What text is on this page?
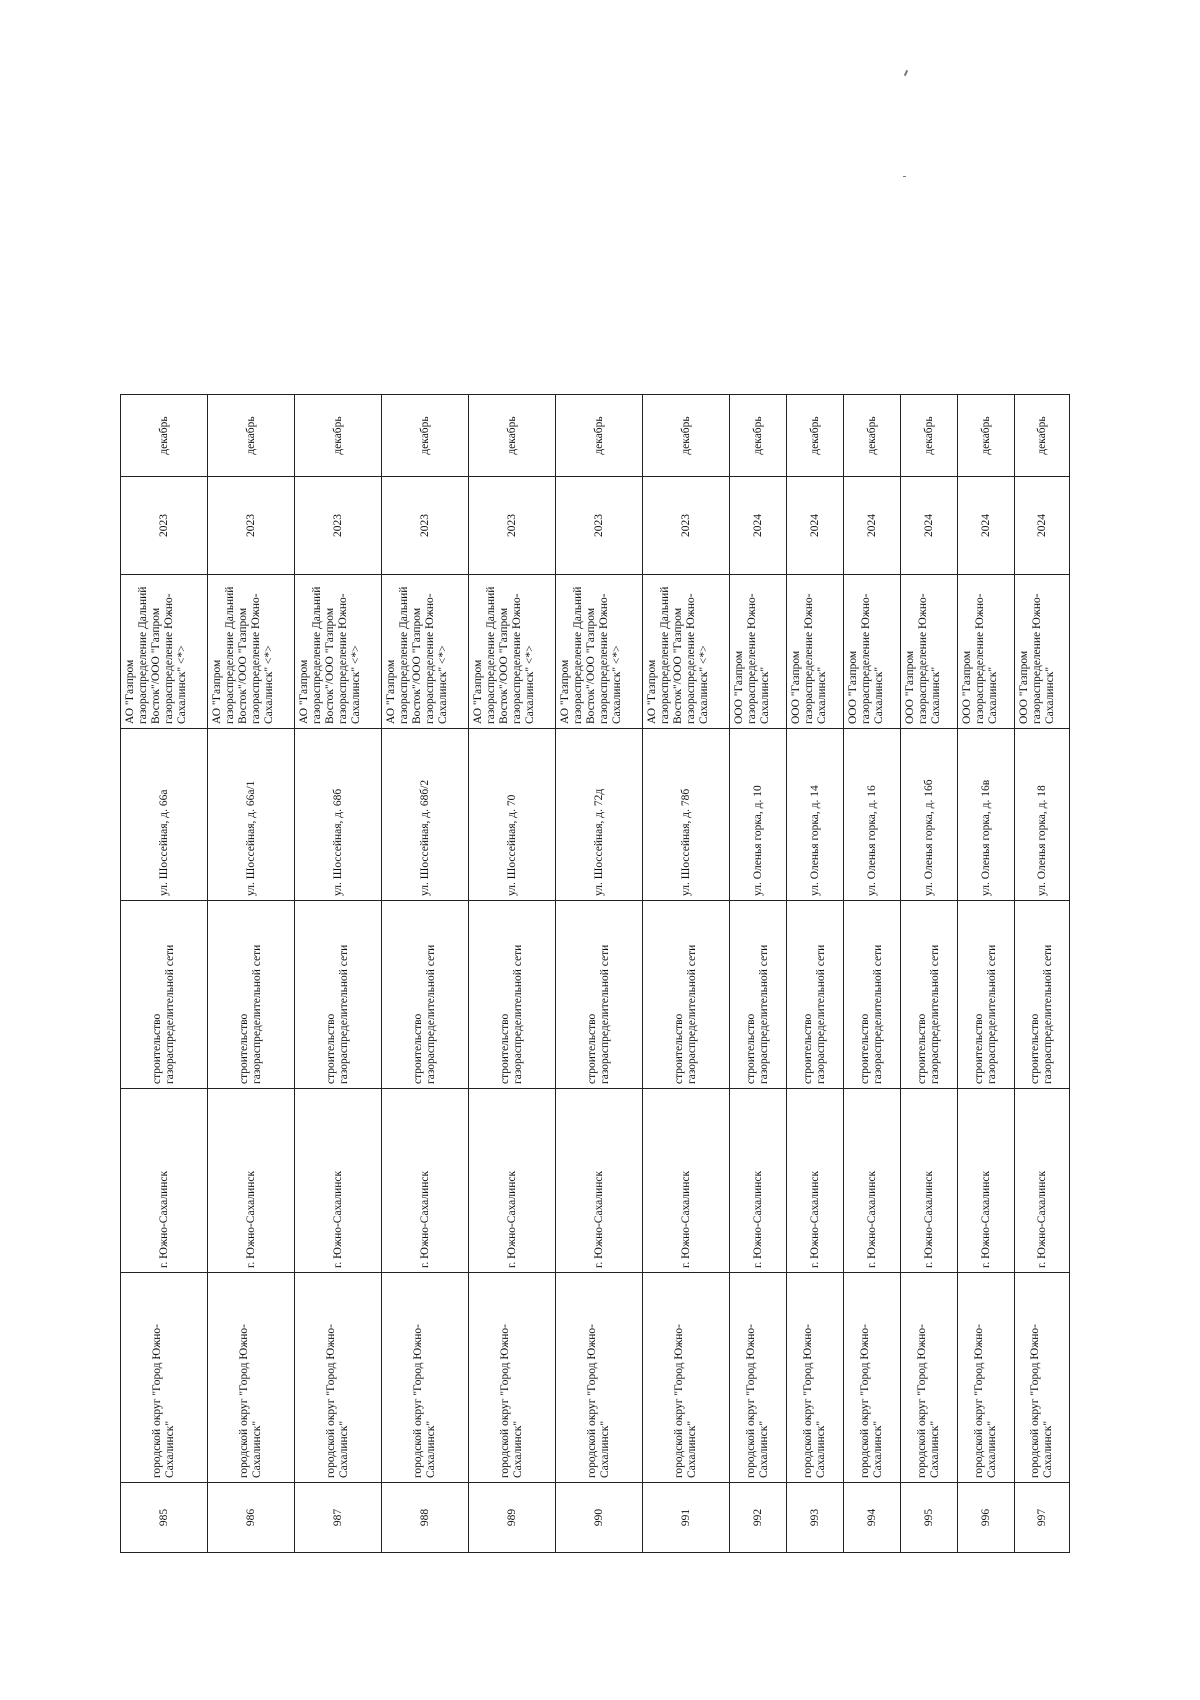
985	городской округ "Город Южно-Сахалинск"	г. Южно-Сахалинск	строительство газораспределительной сети	ул. Шоссейная, д. 66а	АО "Газпром газораспределение Дальний Восток"/ООО "Газпром газораспределение Южно-Сахалинск" <*>	2023	декабрь
986	городской округ "Город Южно-Сахалинск"	г. Южно-Сахалинск	строительство газораспределительной сети	ул. Шоссейная, д. 66а/1	АО "Газпром газораспределение Дальний Восток"/ООО "Газпром газораспределение Южно-Сахалинск" <*>	2023	декабрь
987	городской округ "Город Южно-Сахалинск"	г. Южно-Сахалинск	строительство газораспределительной сети	ул. Шоссейная, д. 68б	АО "Газпром газораспределение Дальний Восток"/ООО "Газпром газораспределение Южно-Сахалинск" <*>	2023	декабрь
988	городской округ "Город Южно-Сахалинск"	г. Южно-Сахалинск	строительство газораспределительной сети	ул. Шоссейная, д. 68б/2	АО "Газпром газораспределение Дальний Восток"/ООО "Газпром газораспределение Южно-Сахалинск" <*>	2023	декабрь
989	городской округ "Город Южно-Сахалинск"	г. Южно-Сахалинск	строительство газораспределительной сети	ул. Шоссейная, д. 70	АО "Газпром газораспределение Дальний Восток"/ООО "Газпром газораспределение Южно-Сахалинск" <*>	2023	декабрь
990	городской округ "Город Южно-Сахалинск"	г. Южно-Сахалинск	строительство газораспределительной сети	ул. Шоссейная, д. 72д	АО "Газпром газораспределение Дальний Восток"/ООО "Газпром газораспределение Южно-Сахалинск" <*>	2023	декабрь
991	городской округ "Город Южно-Сахалинск"	г. Южно-Сахалинск	строительство газораспределительной сети	ул. Шоссейная, д. 78б	АО "Газпром газораспределение Дальний Восток"/ООО "Газпром газораспределение Южно-Сахалинск" <*>	2023	декабрь
992	городской округ "Город Южно-Сахалинск"	г. Южно-Сахалинск	строительство газораспределительной сети	ул. Оленья горка, д. 10	ООО "Газпром газораспределение Южно-Сахалинск"	2024	декабрь
993	городской округ "Город Южно-Сахалинск"	г. Южно-Сахалинск	строительство газораспределительной сети	ул. Оленья горка, д. 14	ООО "Газпром газораспределение Южно-Сахалинск"	2024	декабрь
994	городской округ "Город Южно-Сахалинск"	г. Южно-Сахалинск	строительство газораспределительной сети	ул. Оленья горка, д. 16	ООО "Газпром газораспределение Южно-Сахалинск"	2024	декабрь
995	городской округ "Город Южно-Сахалинск"	г. Южно-Сахалинск	строительство газораспределительной сети	ул. Оленья горка, д. 16б	ООО "Газпром газораспределение Южно-Сахалинск"	2024	декабрь
996	городской округ "Город Южно-Сахалинск"	г. Южно-Сахалинск	строительство газораспределительной сети	ул. Оленья горка, д. 16в	ООО "Газпром газораспределение Южно-Сахалинск"	2024	декабрь
997	городской округ "Город Южно-Сахалинск"	г. Южно-Сахалинск	строительство газораспределительной сети	ул. Оленья горка, д. 18	ООО "Газпром газораспределение Южно-Сахалинск"	2024	декабрь
